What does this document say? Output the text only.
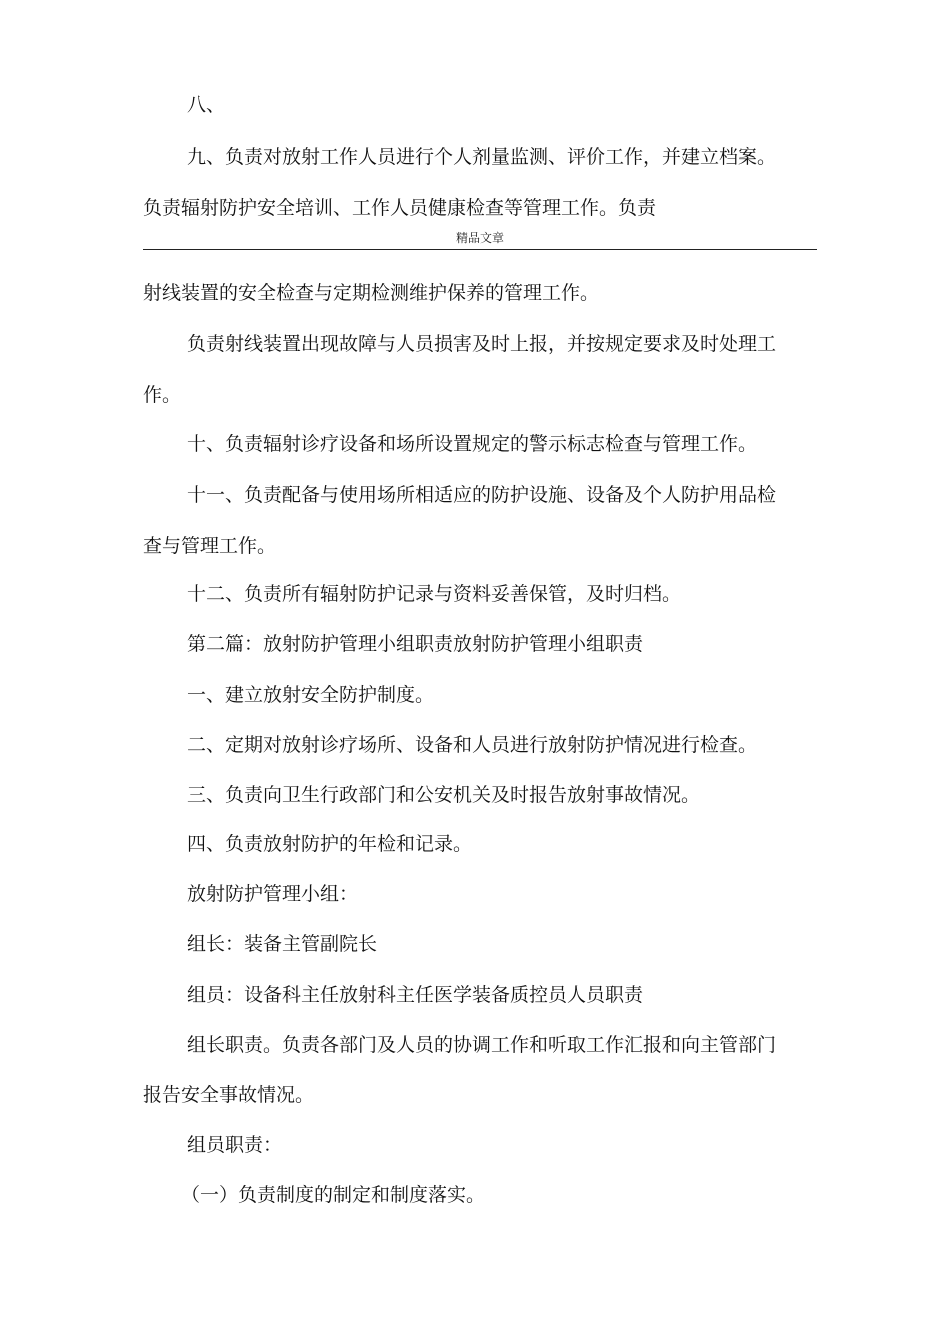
八、
九、负责对放射工作人员进行个人剂量监测、评价工作，并建立档案。
负责辐射防护安全培训、工作人员健康检查等管理工作。负责
精品文章
射线装置的安全检查与定期检测维护保养的管理工作。
负责射线装置出现故障与人员损害及时上报，并按规定要求及时处理工
作。
十、负责辐射诊疗设备和场所设置规定的警示标志检查与管理工作。
十一、负责配备与使用场所相适应的防护设施、设备及个人防护用品检
查与管理工作。
十二、负责所有辐射防护记录与资料妥善保管，及时归档。
第二篇：放射防护管理小组职责放射防护管理小组职责
一、建立放射安全防护制度。
二、定期对放射诊疗场所、设备和人员进行放射防护情况进行检查。
三、负责向卫生行政部门和公安机关及时报告放射事故情况。
四、负责放射防护的年检和记录。
放射防护管理小组：
组长：装备主管副院长
组员：设备科主任放射科主任医学装备质控员人员职责
组长职责。负责各部门及人员的协调工作和听取工作汇报和向主管部门
报告安全事故情况。
组员职责：
（一）负责制度的制定和制度落实。
